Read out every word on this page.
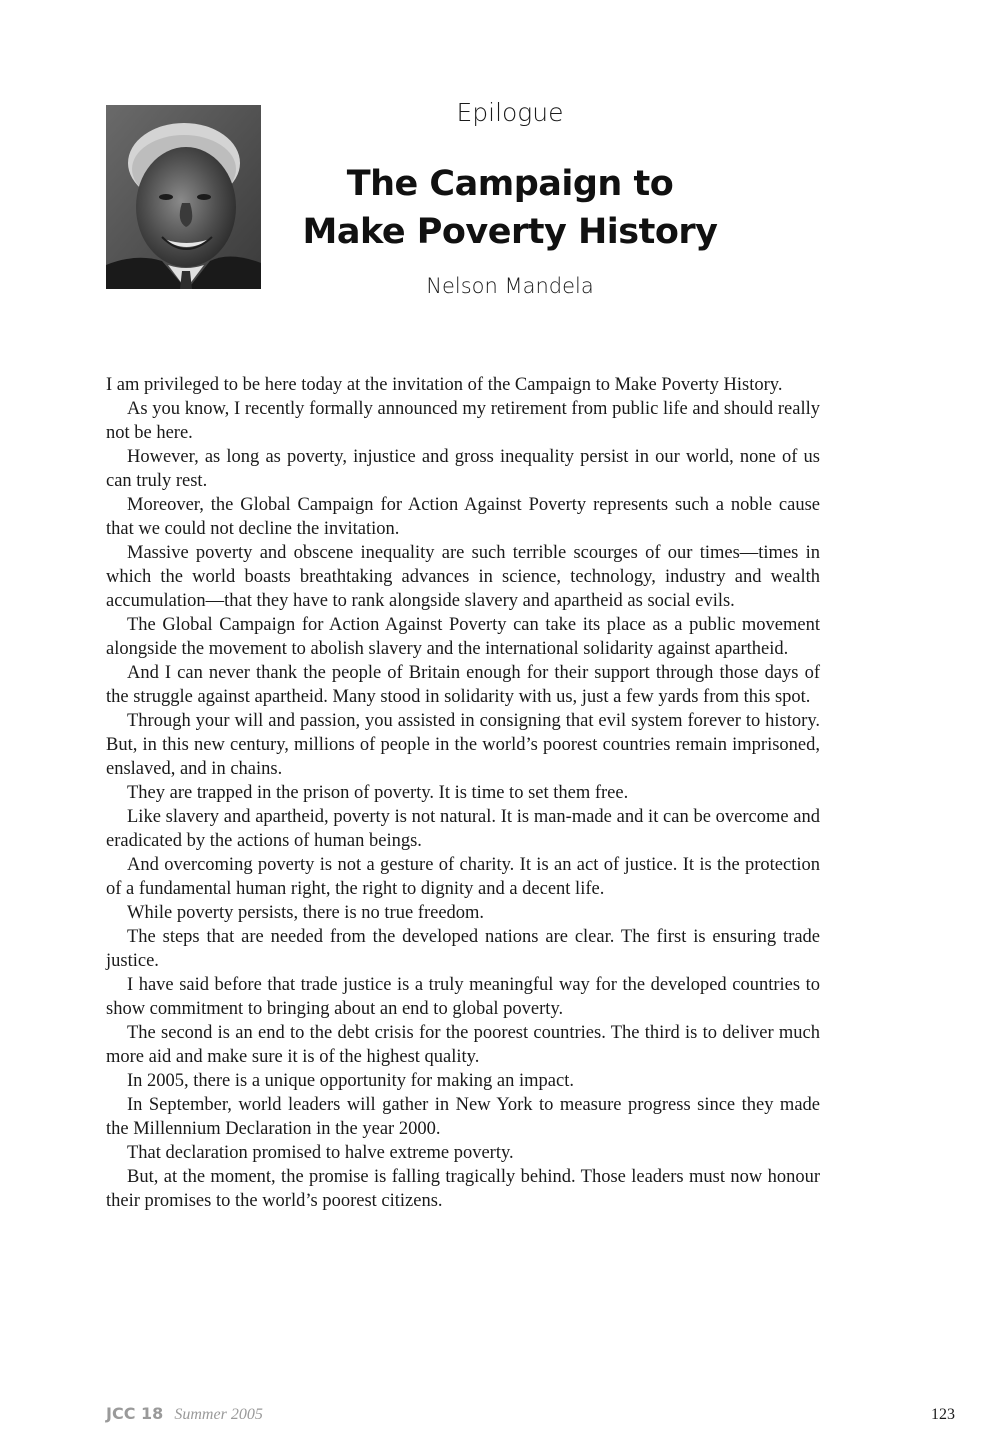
Epilogue
The Campaign to
Make Poverty History
Nelson Mandela

I am privileged to be here today at the invitation of the Campaign to Make Poverty History.

As you know, I recently formally announced my retirement from public life and should really not be here.

However, as long as poverty, injustice and gross inequality persist in our world, none of us can truly rest.

Moreover, the Global Campaign for Action Against Poverty represents such a noble cause that we could not decline the invitation.

Massive poverty and obscene inequality are such terrible scourges of our times—times in which the world boasts breathtaking advances in science, technology, industry and wealth accumulation—that they have to rank alongside slavery and apartheid as social evils.

The Global Campaign for Action Against Poverty can take its place as a public movement alongside the movement to abolish slavery and the international solidarity against apartheid.

And I can never thank the people of Britain enough for their support through those days of the struggle against apartheid. Many stood in solidarity with us, just a few yards from this spot.

Through your will and passion, you assisted in consigning that evil system forever to history. But, in this new century, millions of people in the world’s poorest countries remain imprisoned, enslaved, and in chains.

They are trapped in the prison of poverty. It is time to set them free.

Like slavery and apartheid, poverty is not natural. It is man-made and it can be overcome and eradicated by the actions of human beings.

And overcoming poverty is not a gesture of charity. It is an act of justice. It is the protection of a fundamental human right, the right to dignity and a decent life.

While poverty persists, there is no true freedom.

The steps that are needed from the developed nations are clear. The first is ensuring trade justice.

I have said before that trade justice is a truly meaningful way for the developed countries to show commitment to bringing about an end to global poverty.

The second is an end to the debt crisis for the poorest countries. The third is to deliver much more aid and make sure it is of the highest quality.

In 2005, there is a unique opportunity for making an impact.

In September, world leaders will gather in New York to measure progress since they made the Millennium Declaration in the year 2000.

That declaration promised to halve extreme poverty.

But, at the moment, the promise is falling tragically behind. Those leaders must now honour their promises to the world’s poorest citizens.

JCC 18 Summer 2005	123
